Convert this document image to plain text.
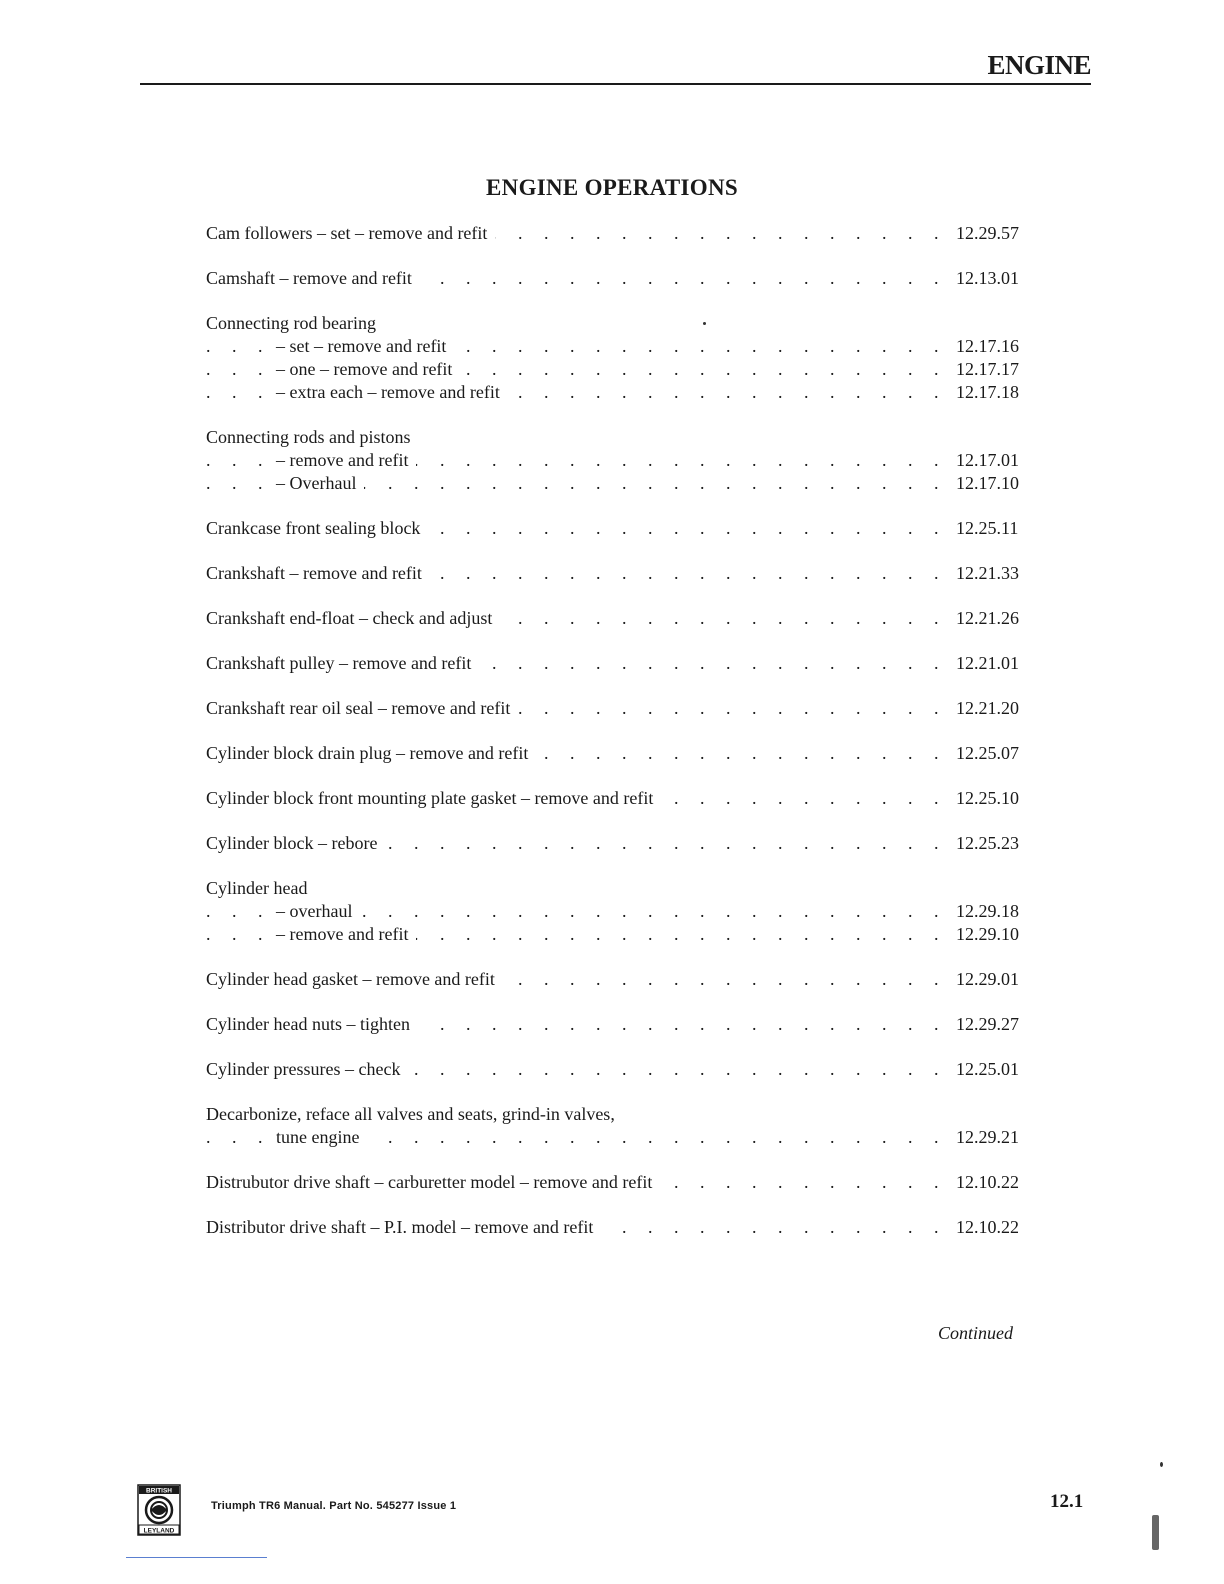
ENGINE
ENGINE OPERATIONS
Cam followers – set – remove and refit . . .	12.29.57
Camshaft – remove and refit . . .	12.13.01
Connecting rod bearing
– set – remove and refit . . .	12.17.16
– one – remove and refit . . .	12.17.17
– extra each – remove and refit . . .	12.17.18
Connecting rods and pistons
– remove and refit . . .	12.17.01
– Overhaul . . .	12.17.10
Crankcase front sealing block . . .	12.25.11
Crankshaft – remove and refit . . .	12.21.33
Crankshaft end-float – check and adjust . . .	12.21.26
Crankshaft pulley – remove and refit . . .	12.21.01
Crankshaft rear oil seal – remove and refit . . .	12.21.20
Cylinder block drain plug – remove and refit . . .	12.25.07
Cylinder block front mounting plate gasket – remove and refit . . .	12.25.10
Cylinder block – rebore . . .	12.25.23
Cylinder head
– overhaul . . .	12.29.18
– remove and refit . . .	12.29.10
Cylinder head gasket – remove and refit . . .	12.29.01
Cylinder head nuts – tighten . . .	12.29.27
Cylinder pressures – check . . .	12.25.01
Decarbonize, reface all valves and seats, grind-in valves,
tune engine . . .	12.29.21
Distrubutor drive shaft – carburetter model – remove and refit . . .	12.10.22
Distributor drive shaft – P.I. model – remove and refit . . .	12.10.22
Continued
BRITISH
LEYLAND
Triumph TR6 Manual. Part No. 545277 Issue 1	12.1
